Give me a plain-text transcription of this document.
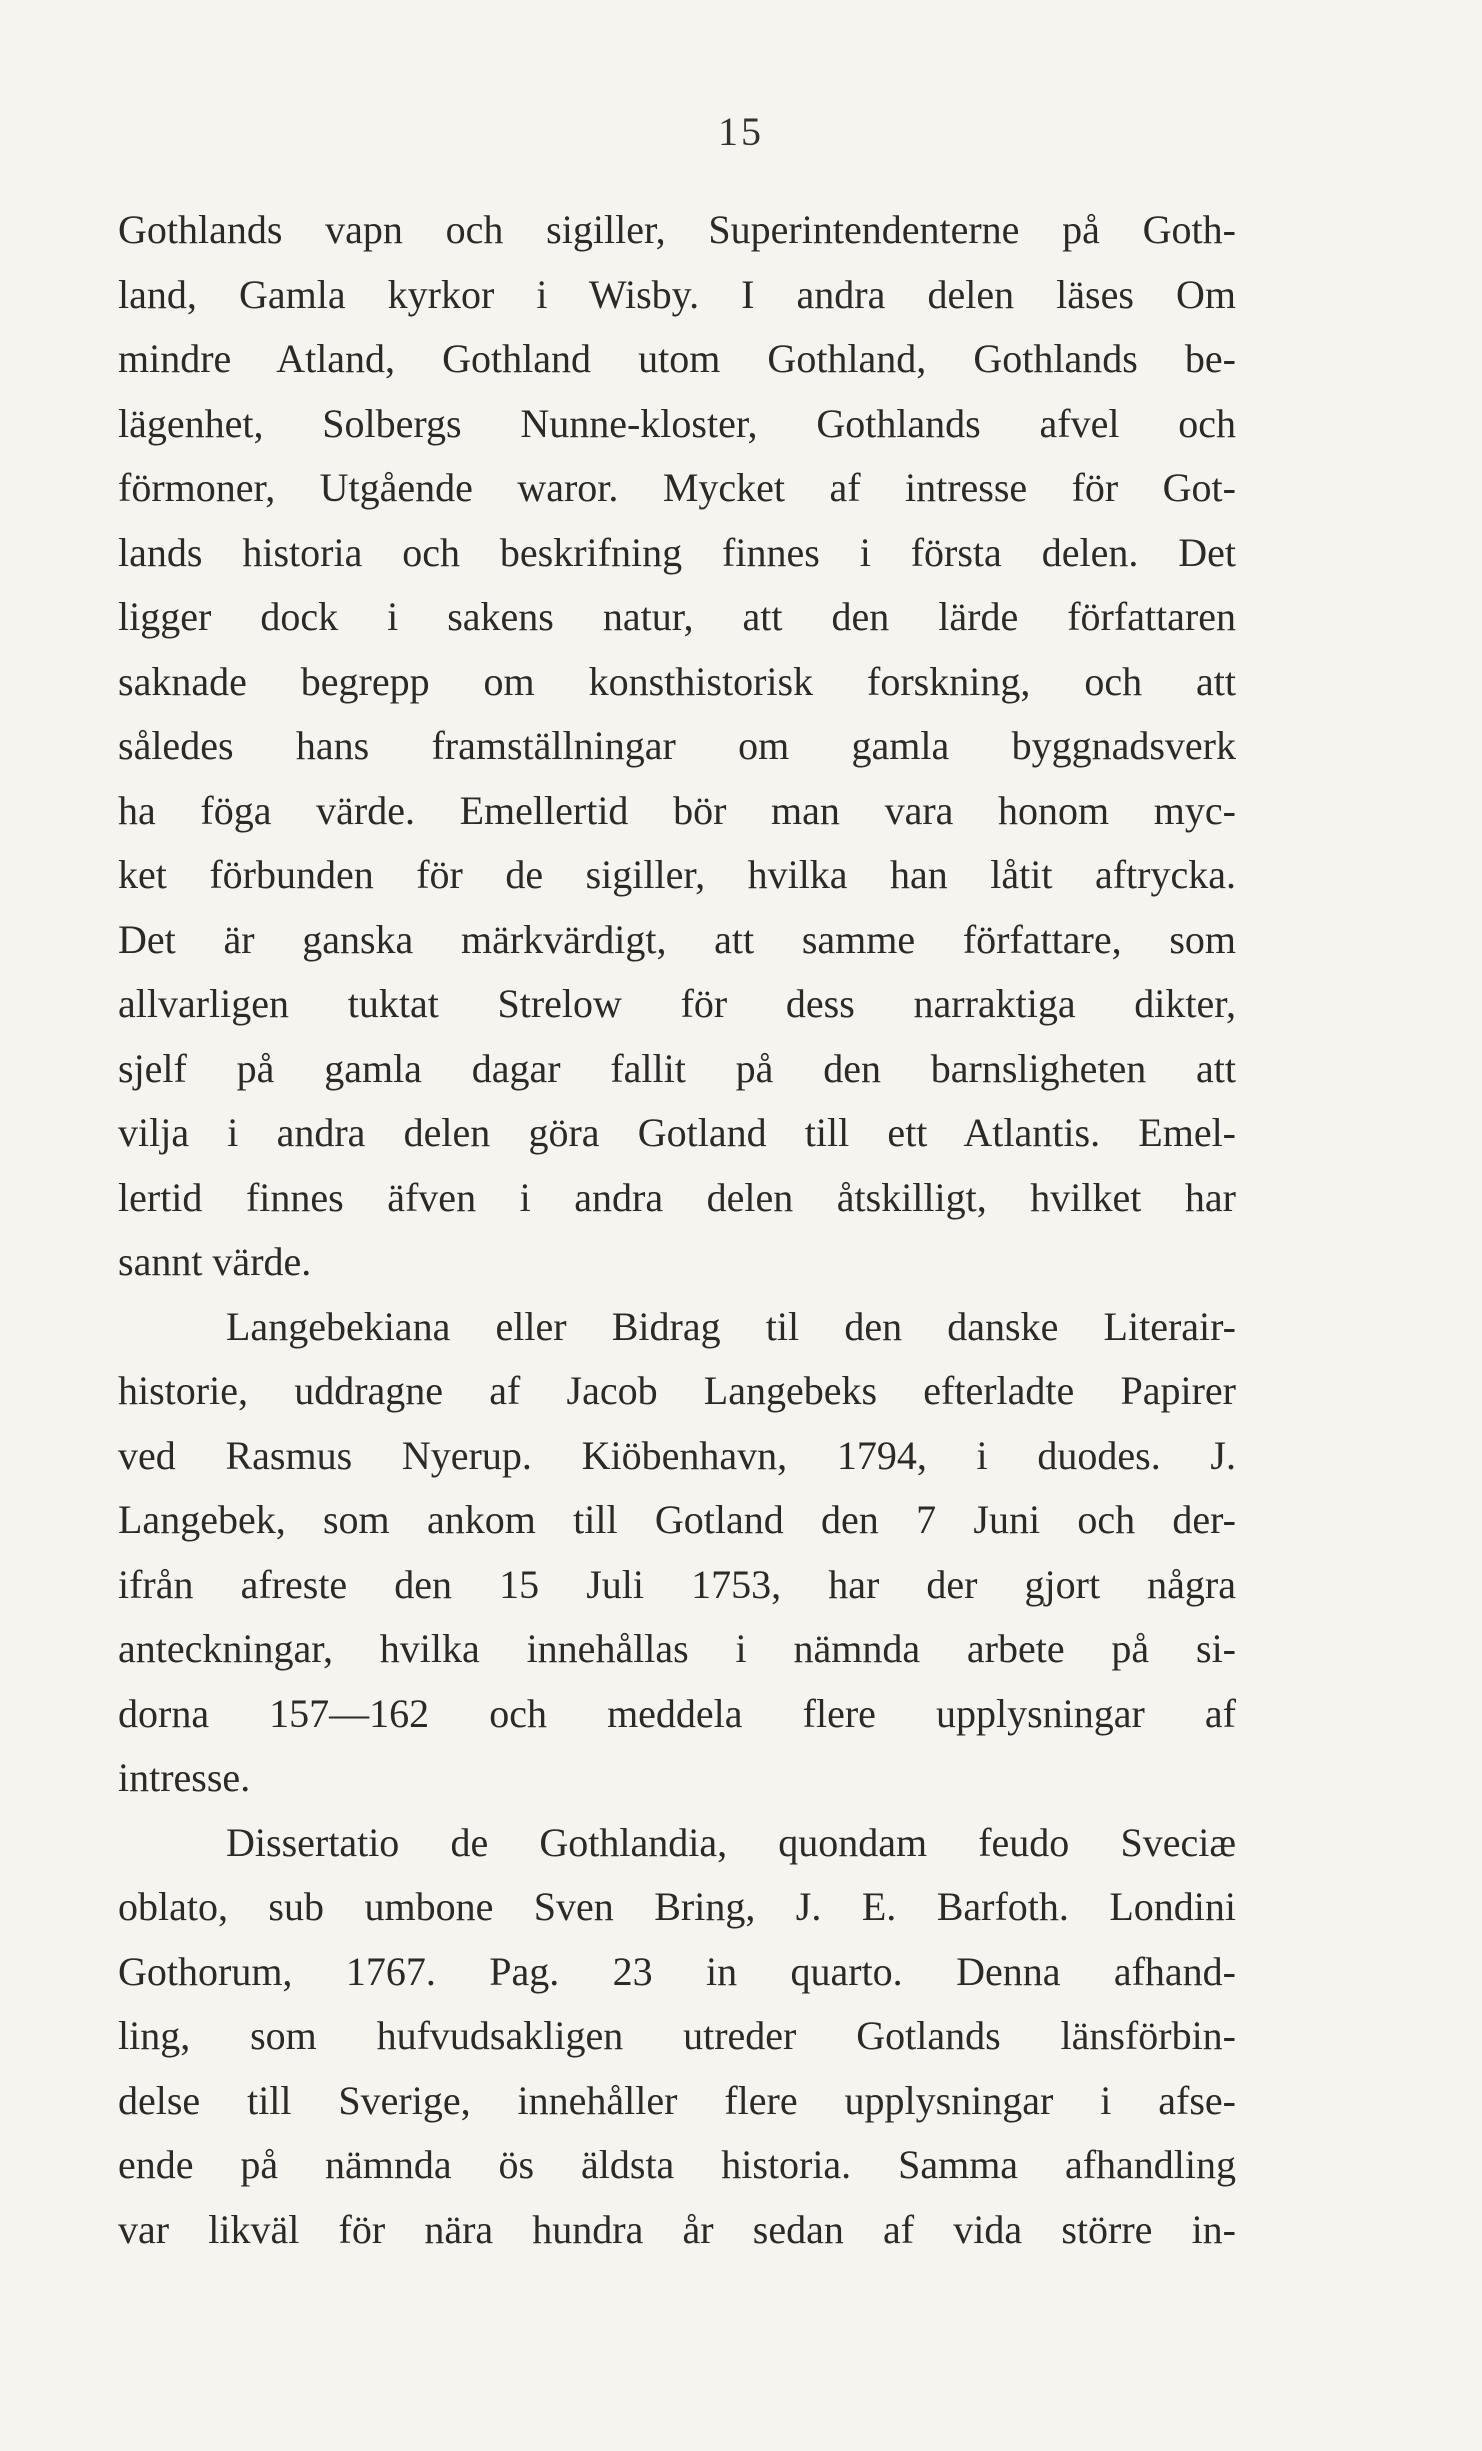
15
Gothlands vapn och sigiller, Superintendenterne på Goth-
land, Gamla kyrkor i Wisby. I andra delen läses Om
mindre Atland, Gothland utom Gothland, Gothlands be-
lägenhet, Solbergs Nunne-kloster, Gothlands afvel och
förmoner, Utgående waror. Mycket af intresse för Got-
lands historia och beskrifning finnes i första delen. Det
ligger dock i sakens natur, att den lärde författaren
saknade begrepp om konsthistorisk forskning, och att
således hans framställningar om gamla byggnadsverk
ha föga värde. Emellertid bör man vara honom myc-
ket förbunden för de sigiller, hvilka han låtit aftrycka.
Det är ganska märkvärdigt, att samme författare, som
allvarligen tuktat Strelow för dess narraktiga dikter,
sjelf på gamla dagar fallit på den barnsligheten att
vilja i andra delen göra Gotland till ett Atlantis. Emel-
lertid finnes äfven i andra delen åtskilligt, hvilket har
sannt värde.
Langebekiana eller Bidrag til den danske Literair-
historie, uddragne af Jacob Langebeks efterladte Papirer
ved Rasmus Nyerup. Kiöbenhavn, 1794, i duodes. J.
Langebek, som ankom till Gotland den 7 Juni och der-
ifrån afreste den 15 Juli 1753, har der gjort några
anteckningar, hvilka innehållas i nämnda arbete på si-
dorna 157—162 och meddela flere upplysningar af
intresse.
Dissertatio de Gothlandia, quondam feudo Sveciæ
oblato, sub umbone Sven Bring, J. E. Barfoth. Londini
Gothorum, 1767. Pag. 23 in quarto. Denna afhand-
ling, som hufvudsakligen utreder Gotlands länsförbin-
delse till Sverige, innehåller flere upplysningar i afse-
ende på nämnda ös äldsta historia. Samma afhandling
var likväl för nära hundra år sedan af vida större in-
